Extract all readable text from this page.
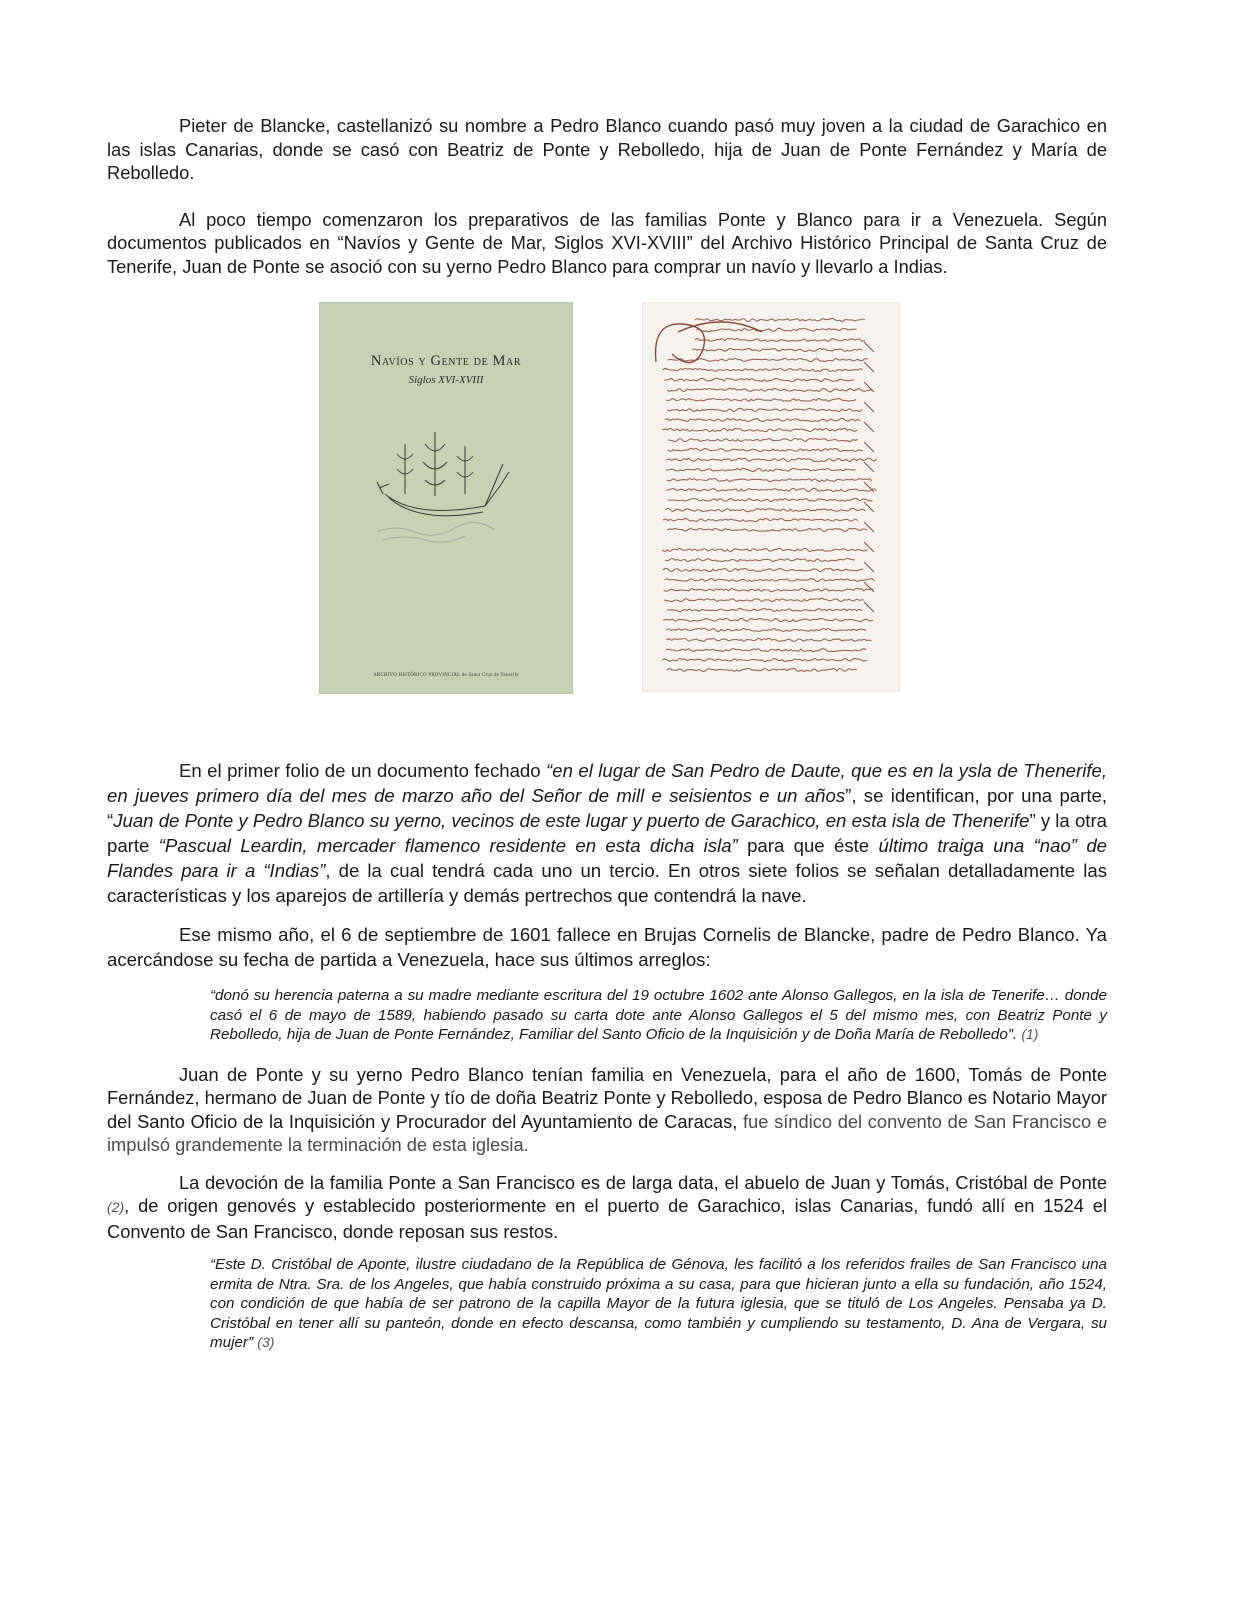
Pieter de Blancke, castellanizó su nombre a Pedro Blanco cuando pasó muy joven a la ciudad de Garachico en las islas Canarias, donde se casó con Beatriz de Ponte y Rebolledo, hija de Juan de Ponte Fernández y María de Rebolledo.

Al poco tiempo comenzaron los preparativos de las familias Ponte y Blanco para ir a Venezuela. Según documentos publicados en “Navíos y Gente de Mar, Siglos XVI-XVIII” del Archivo Histórico Principal de Santa Cruz de Tenerife, Juan de Ponte se asoció con su yerno Pedro Blanco para comprar un navío y llevarlo a Indias.

Navíos y Gente de Mar
Siglos XVI-XVIII
ARCHIVO HISTÓRICO PROVINCIAL de Santa Cruz de Tenerife

En el primer folio de un documento fechado “en el lugar de San Pedro de Daute, que es en la ysla de Thenerife, en jueves primero día del mes de marzo año del Señor de mill e seisientos e un años”, se identifican, por una parte, “Juan de Ponte y Pedro Blanco su yerno, vecinos de este lugar y puerto de Garachico, en esta isla de Thenerife” y la otra parte “Pascual Leardin, mercader flamenco residente en esta dicha isla” para que éste último traiga una “nao” de Flandes para ir a “Indias”, de la cual tendrá cada uno un tercio. En otros siete folios se señalan detalladamente las características y los aparejos de artillería y demás pertrechos que contendrá la nave.

Ese mismo año, el 6 de septiembre de 1601 fallece en Brujas Cornelis de Blancke, padre de Pedro Blanco. Ya acercándose su fecha de partida a Venezuela, hace sus últimos arreglos:

“donó su herencia paterna a su madre mediante escritura del 19 octubre 1602 ante Alonso Gallegos, en la isla de Tenerife… donde casó el 6 de mayo de 1589, habiendo pasado su carta dote ante Alonso Gallegos el 5 del mismo mes, con Beatriz Ponte y Rebolledo, hija de Juan de Ponte Fernández, Familiar del Santo Oficio de la Inquisición y de Doña María de Rebolledo”. (1)

Juan de Ponte y su yerno Pedro Blanco tenían familia en Venezuela, para el año de 1600, Tomás de Ponte Fernández, hermano de Juan de Ponte y tío de doña Beatriz Ponte y Rebolledo, esposa de Pedro Blanco es Notario Mayor del Santo Oficio de la Inquisición y Procurador del Ayuntamiento de Caracas, fue síndico del convento de San Francisco e impulsó grandemente la terminación de esta iglesia.

La devoción de la familia Ponte a San Francisco es de larga data, el abuelo de Juan y Tomás, Cristóbal de Ponte (2), de origen genovés y establecido posteriormente en el puerto de Garachico, islas Canarias, fundó allí en 1524 el Convento de San Francisco, donde reposan sus restos.

“Este D. Cristóbal de Aponte, ilustre ciudadano de la República de Génova, les facilitó a los referidos frailes de San Francisco una ermita de Ntra. Sra. de los Angeles, que había construido próxima a su casa, para que hicieran junto a ella su fundación, año 1524, con condición de que había de ser patrono de la capilla Mayor de la futura iglesia, que se tituló de Los Angeles. Pensaba ya D. Cristóbal en tener allí su panteón, donde en efecto descansa, como también y cumpliendo su testamento, D. Ana de Vergara, su mujer” (3)
